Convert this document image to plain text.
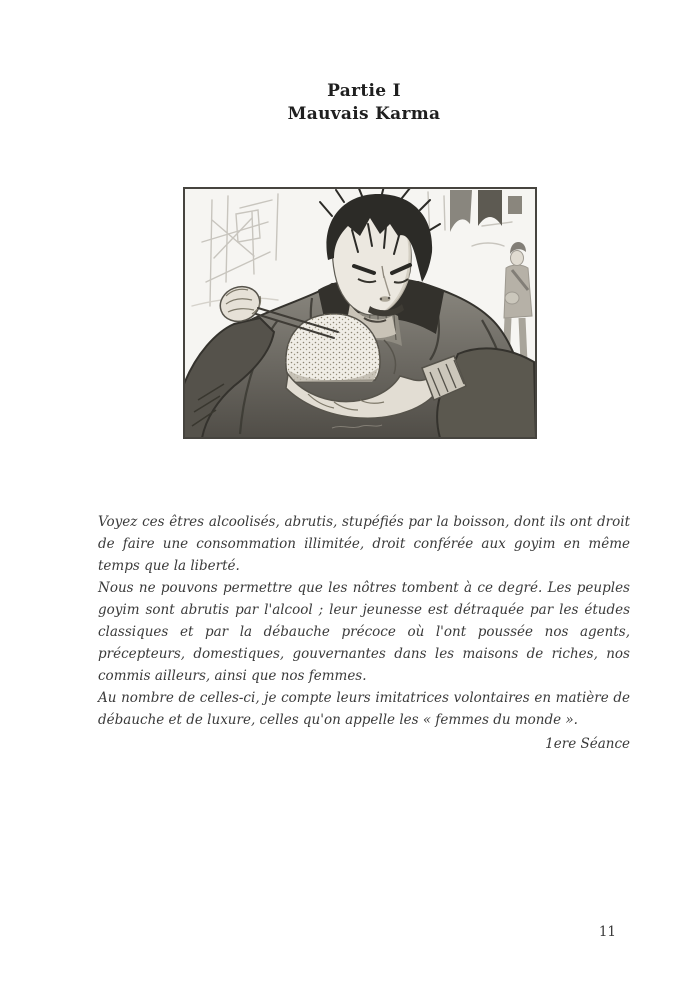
Partie I
Mauvais Karma

Voyez ces êtres alcoolisés, abrutis, stupéfiés par la boisson, dont ils ont droit de faire une consommation illimitée, droit conférée aux goyim en même temps que la liberté.

Nous ne pouvons permettre que les nôtres tombent à ce degré. Les peuples goyim sont abrutis par l'alcool ; leur jeunesse est détraquée par les études classiques et par la débauche précoce où l'ont poussée nos agents, précepteurs, domestiques, gouvernantes dans les maisons de riches, nos commis ailleurs, ainsi que nos femmes.

Au nombre de celles-ci, je compte leurs imitatrices volontaires en matière de débauche et de luxure, celles qu'on appelle les « femmes du monde ».

1ere Séance
11
